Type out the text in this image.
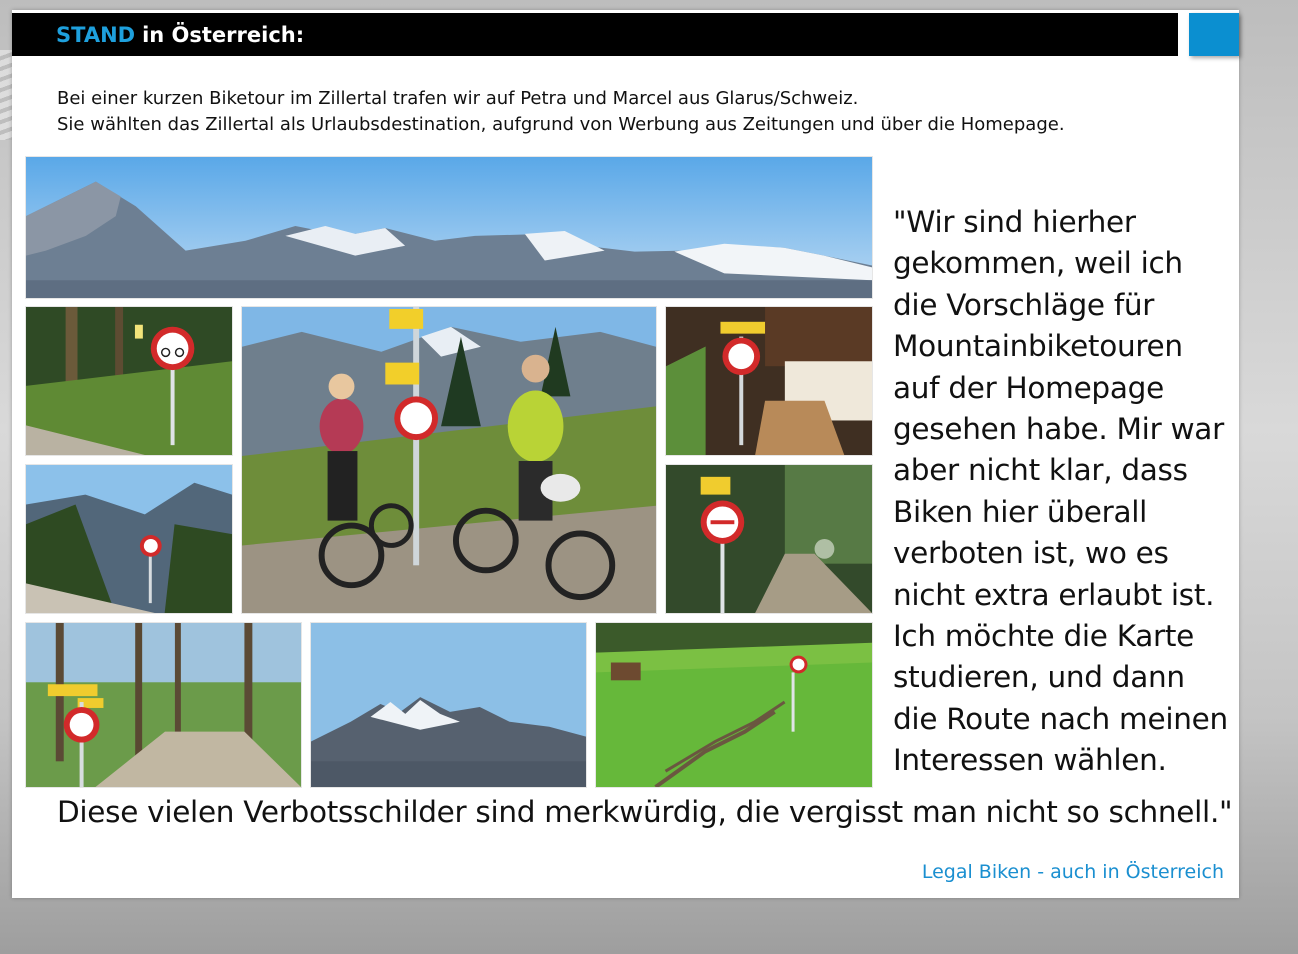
STAND in Österreich:
Bei einer kurzen Biketour im Zillertal trafen wir auf Petra und Marcel aus Glarus/Schweiz.
Sie wählten das Zillertal als Urlaubsdestination, aufgrund von Werbung aus Zeitungen und über die Homepage.
"Wir sind hierher gekommen, weil ich die Vorschläge für Mountainbiketouren auf der Homepage gesehen habe. Mir war aber nicht klar, dass Biken hier überall verboten ist, wo es nicht extra erlaubt ist. Ich möchte die Karte studieren, und dann die Route nach meinen Interessen wählen.
Diese vielen Verbotsschilder sind merkwürdig, die vergisst man nicht so schnell."
Legal Biken - auch in Österreich
